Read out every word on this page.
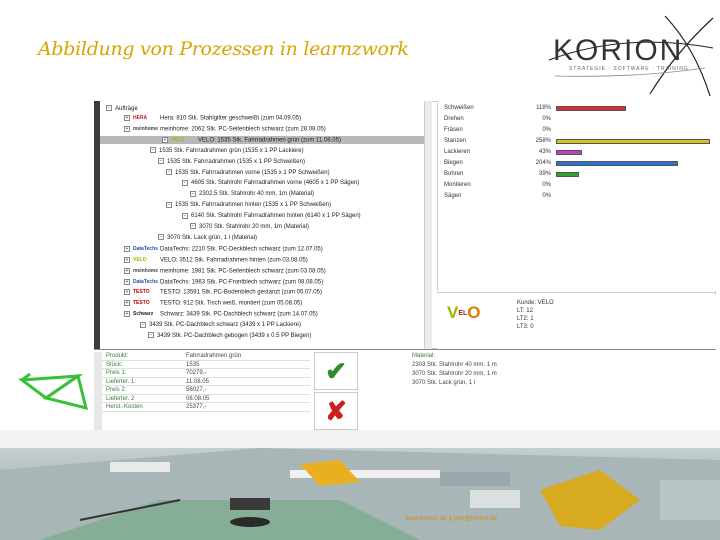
Abbildung von Prozessen in learnzwork	KORION
STRATEGIE · SOFTWARE · TRAINING
− Aufträge
+ HERA Hera: 810 Stk. Stahlgitter geschweißt (zum 04.09.05)
+ meinhome meinhome: 2062 Stk. PC-Seitenblech schwarz (zum 28.08.05)
+ VELO VELO: 1535 Stk. Fahrradrahmen grün (zum 11.08.05)
− 1535 Stk. Fahrradrahmen grün (1535 x 1 PP Lackiere)
− 1535 Stk. Fahrradrahmen (1535 x 1 PP Schweißen)
− 1535 Stk. Fahrradrahmen vorne (1535 x 1 PP Schweißen)
− 4605 Stk. Stahlrohr Fahrradrahmen vorne (4605 x 1 PP Sägen)
− 2302,5 Stk. Stahlrohr 40 mm, 1m (Material)
− 1535 Stk. Fahrradrahmen hinten (1535 x 1 PP Schweißen)
− 6140 Stk. Stahlrohr Fahrradrahmen hinten (6140 x 1 PP Sägen)
− 3070 Stk. Stahlrohr 20 mm, 1m (Material)
− 3070 Stk. Lack grün, 1 l (Material)
+ DataTechs DataTechs: 2210 Stk. PC-Deckblech schwarz (zum 12.07.05)
+ VELO VELO: 3512 Stk. Fahrradrahmen hinten (zum 03.08.05)
+ meinhome meinhome: 1981 Stk. PC-Seitenblech schwarz (zum 03.08.05)
+ DataTechs DataTechs: 1963 Stk. PC-Frontblech schwarz (zum 08.08.05)
+ TESTO TESTO: 13591 Stk. PC-Bodenblech gestanzt (zum 05.07.05)
+ TESTO TESTO: 912 Stk. Tisch weiß, montiert (zum 05.08.05)
+ Schwarz Schwarz: 3439 Stk. PC-Dachblech schwarz (zum 14.07.05)
− 3439 Stk. PC-Dachblech schwarz (3439 x 1 PP Lackiere)
− 3439 Stk. PC-Dachblech gebogen (3439 x 0.5 PP Biegen)
Schweißen	118%
Drehen	0%
Fräsen	0%
Stanzen	258%
Lackieren	43%
Biegen	204%
Bohren	39%
Montieren	0%
Sägen	0%
VELO	Kunde: VELO
LT: 12
LT2: 1
LT3: 0
Produkt:	Fahrradrahmen grün
Stück:	1535
Preis 1:	70279,-
Lieferter. 1:	11.08.05
Preis 2:	56027,-
Lieferter. 2	08.08.05
Herst.-Kosten	25377,-
✔
✘
Material:
2303 Stk. Stahlrohr 40 mm, 1 m
3070 Stk. Stahlrohr 20 mm, 1 m
3070 Stk. Lack grün, 1 l
www.korion.de || info@korion.de
